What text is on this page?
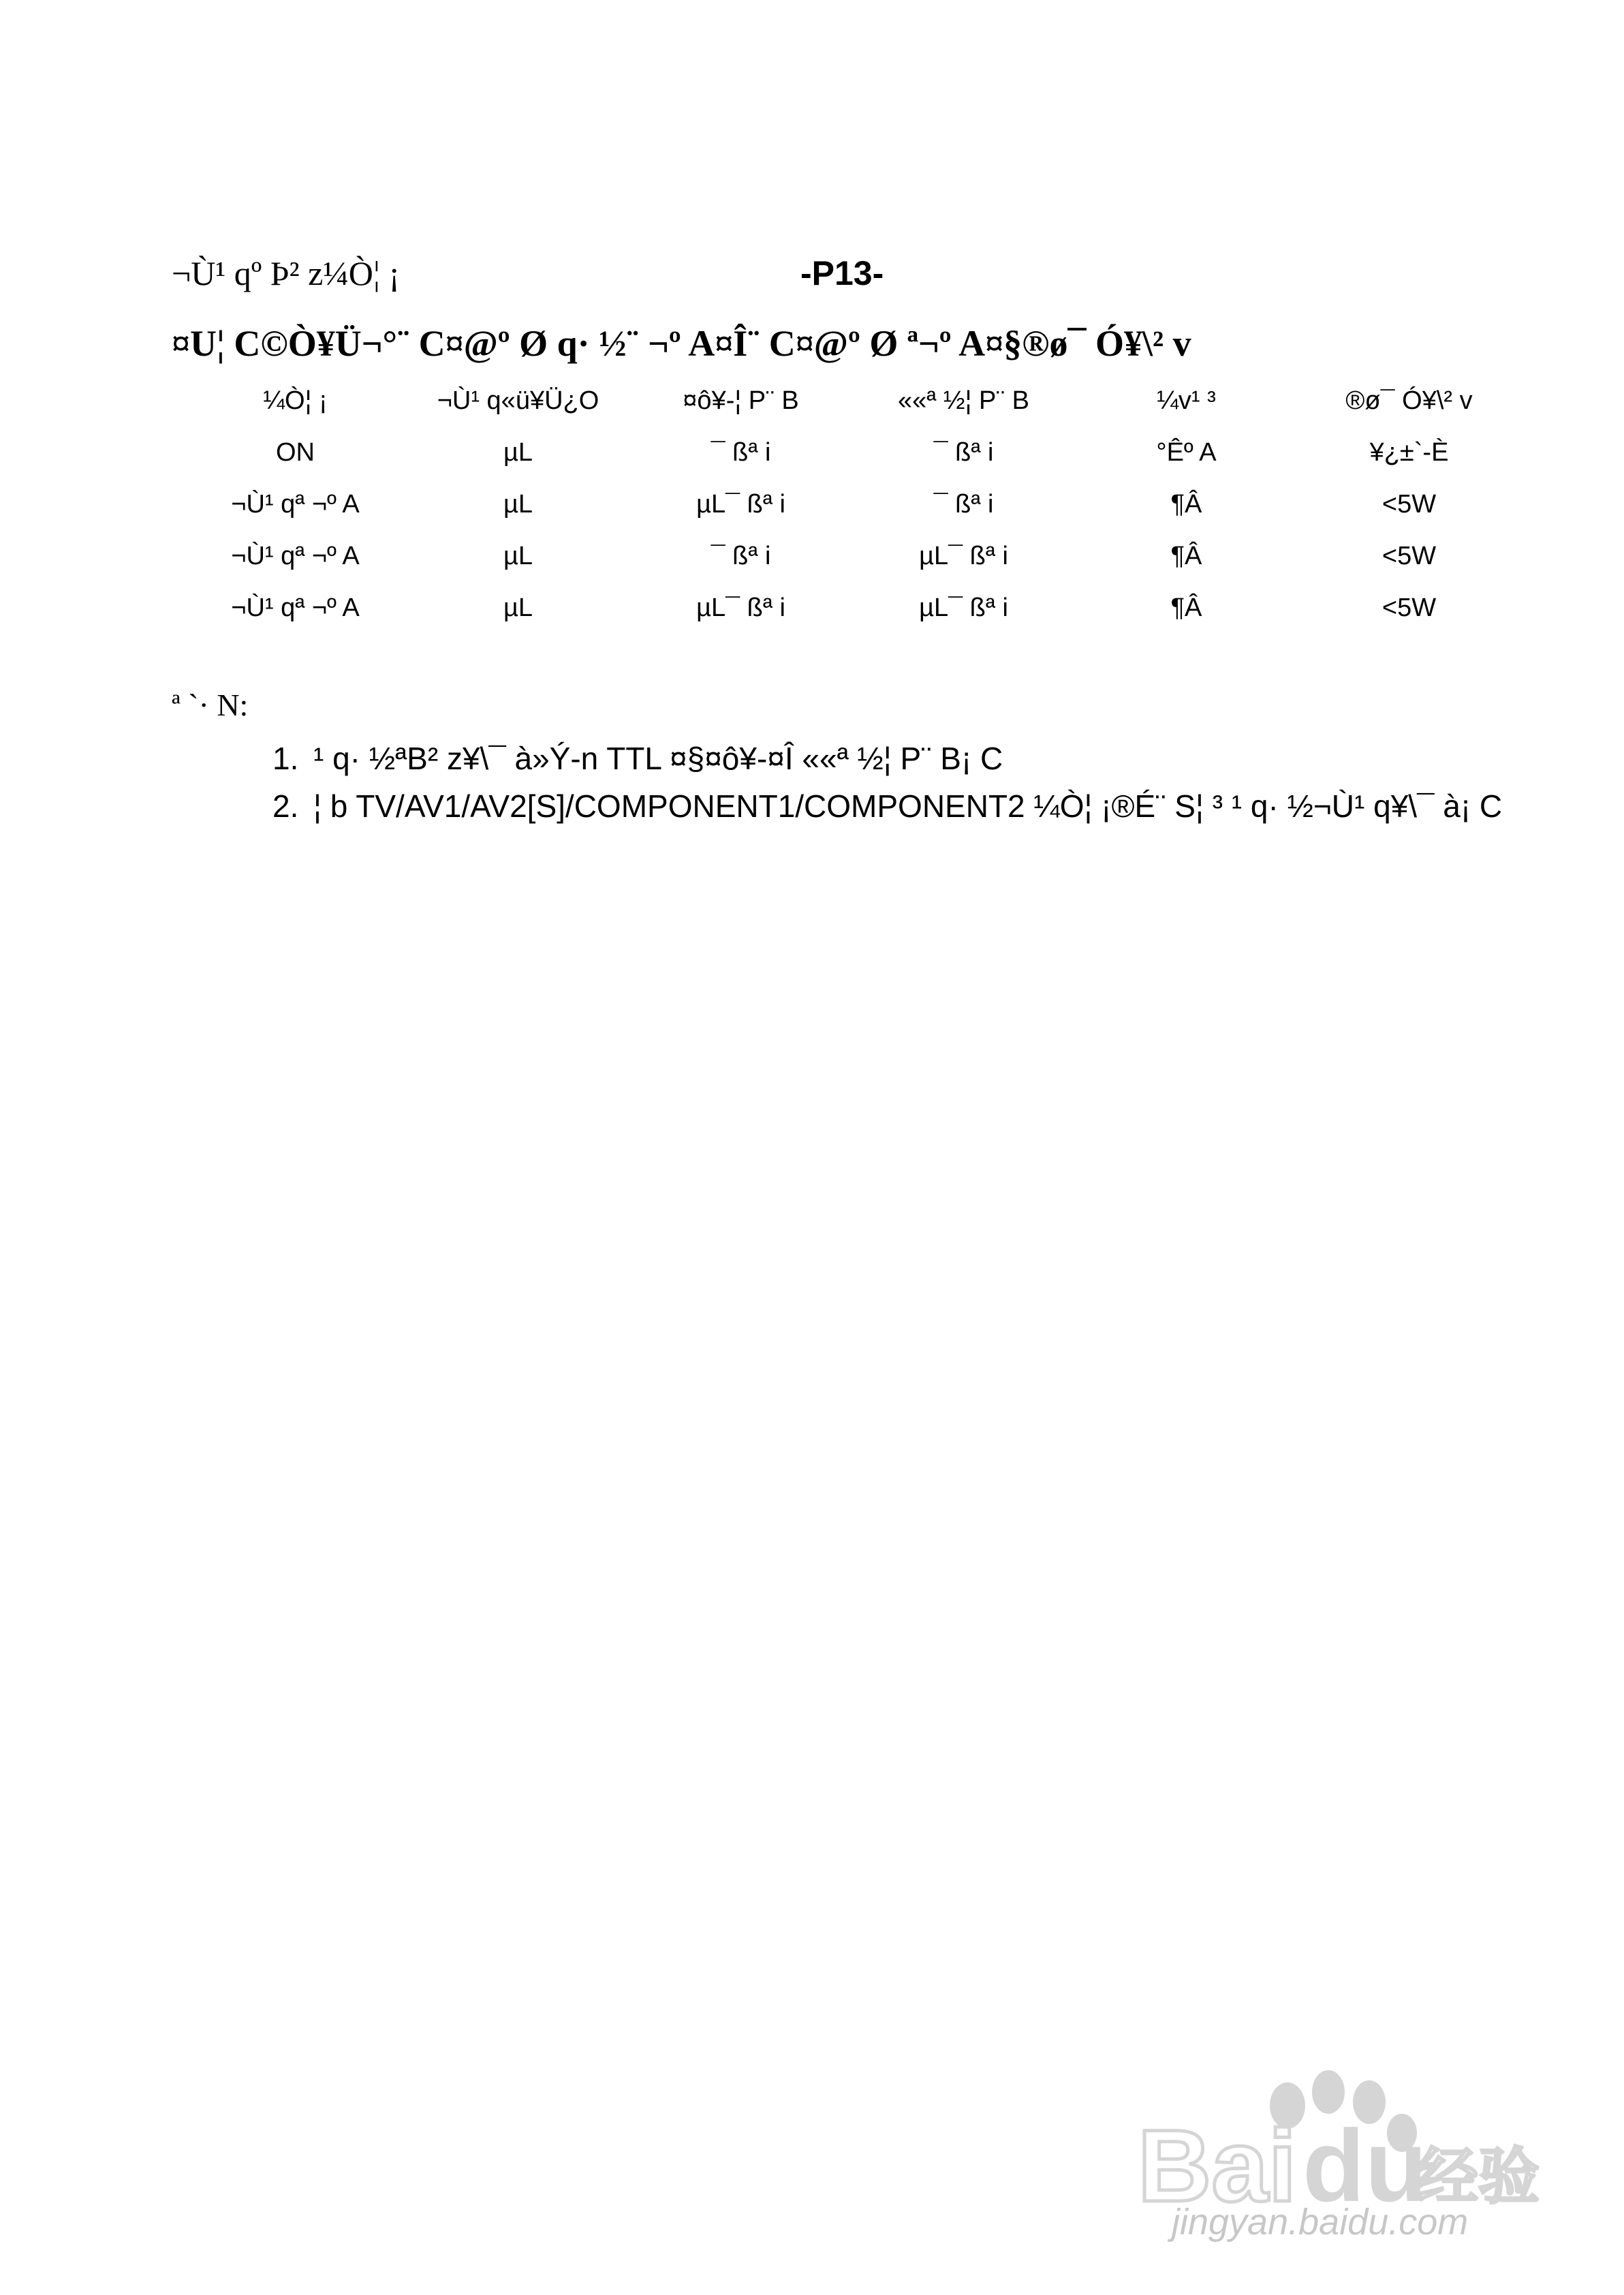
¬Ù¹ qº Þ² z¼Ò¦ ¡	-P13-
¤U¦ C©Ò¥Ü¬°¨ C¤@º Ø q· ½¨ ¬º A¤Î¨ C¤@º Ø ª¬º A¤§®ø¯ Ó¥\² v
¼Ò¦ ¡	¬Ù¹ q«ü¥Ü¿O	¤ô¥-¦ P¨ B	««ª ½¦ P¨ B	¼v¹ ³	®ø¯ Ó¥\² v
ON	µL	¯ ßª i	¯ ßª i	°Êº A	¥¿±`-È
¬Ù¹ qª ¬º A	µL	µL¯ ßª i	¯ ßª i	¶Â	<5W
¬Ù¹ qª ¬º A	µL	¯ ßª i	µL¯ ßª i	¶Â	<5W
¬Ù¹ qª ¬º A	µL	µL¯ ßª i	µL¯ ßª i	¶Â	<5W
ª `· N:
1. ¹ q· ½ªB² z¥\¯ à»Ý-n TTL ¤§¤ô¥-¤Î ««ª ½¦ P¨ B¡ C
2. ¦ b TV/AV1/AV2[S]/COMPONENT1/COMPONENT2 ¼Ò¦ ¡®É¨ S¦ ³ ¹ q· ½¬Ù¹ q¥\¯ à¡ C
Bai du
经验
jingyan.baidu.com
